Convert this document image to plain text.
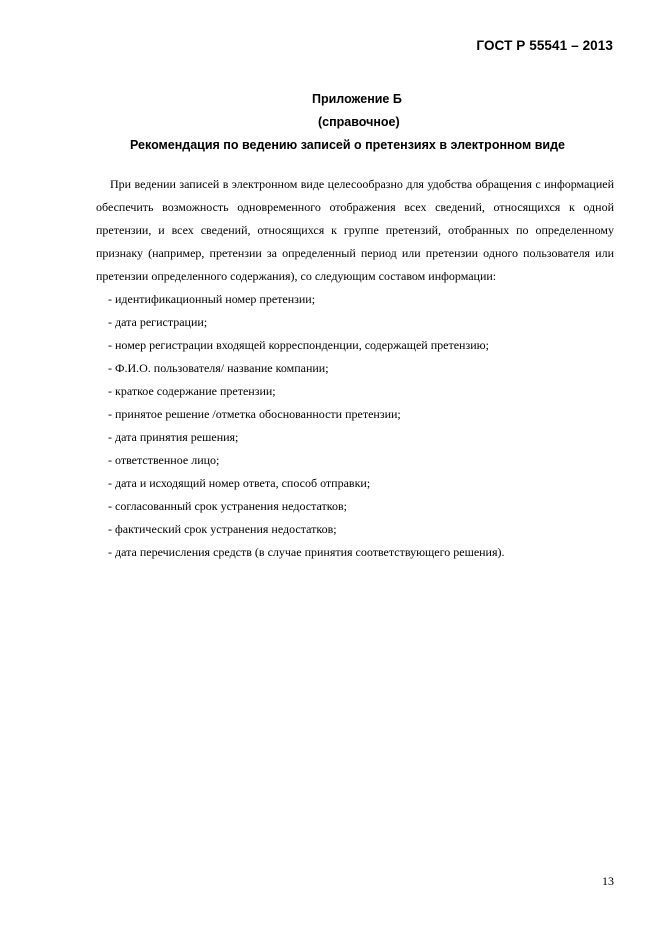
ГОСТ Р 55541 – 2013
Приложение Б
(справочное)
Рекомендация по ведению записей о претензиях в электронном виде

При ведении записей в электронном виде целесообразно для удобства обращения с информацией обеспечить возможность одновременного отображения всех сведений, относящихся к одной претензии, и всех сведений, относящихся к группе претензий, отобранных по определенному признаку (например, претензии за определенный период или претензии одного пользователя или претензии определенного содержания), со следующим составом информации:

- идентификационный номер претензии;
- дата регистрации;
- номер регистрации входящей корреспонденции, содержащей претензию;
- Ф.И.О. пользователя/ название компании;
- краткое содержание претензии;
- принятое решение /отметка обоснованности претензии;
- дата принятия решения;
- ответственное лицо;
- дата и исходящий номер ответа, способ отправки;
- согласованный срок устранения недостатков;
- фактический срок устранения недостатков;
- дата перечисления средств (в случае принятия соответствующего решения).
13
